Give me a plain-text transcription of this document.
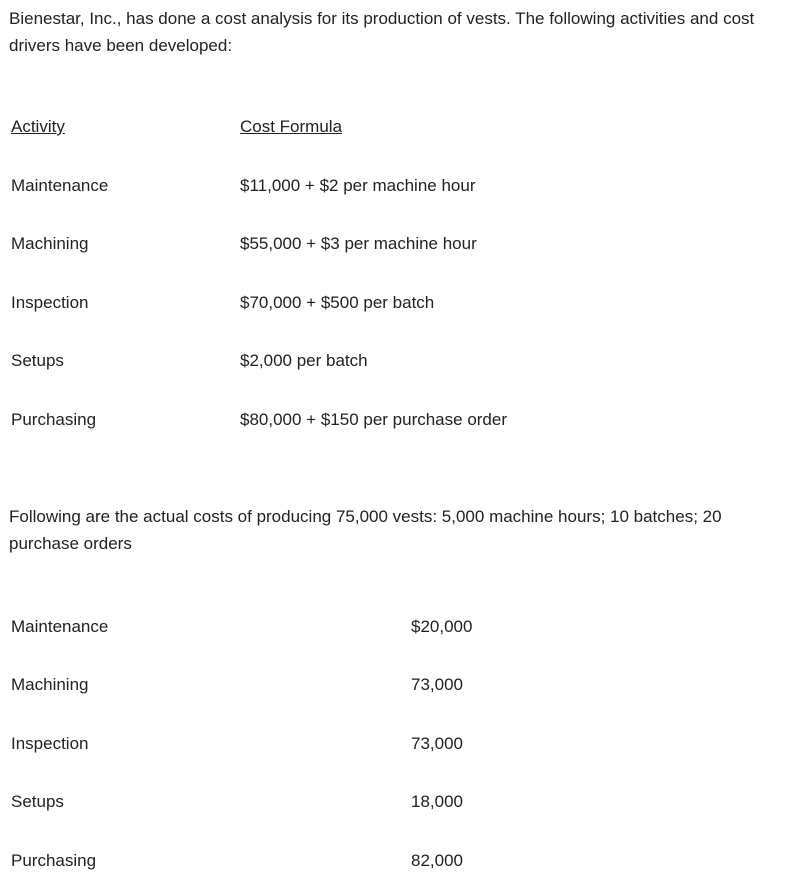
Bienestar, Inc., has done a cost analysis for its production of vests. The following activities and cost drivers have been developed:

Activity	Cost Formula
Maintenance	$11,000 + $2 per machine hour
Machining	$55,000 + $3 per machine hour
Inspection	$70,000 + $500 per batch
Setups	$2,000 per batch
Purchasing	$80,000 + $150 per purchase order

Following are the actual costs of producing 75,000 vests: 5,000 machine hours; 10 batches; 20 purchase orders

Maintenance	$20,000
Machining	73,000
Inspection	73,000
Setups	18,000
Purchasing	82,000
